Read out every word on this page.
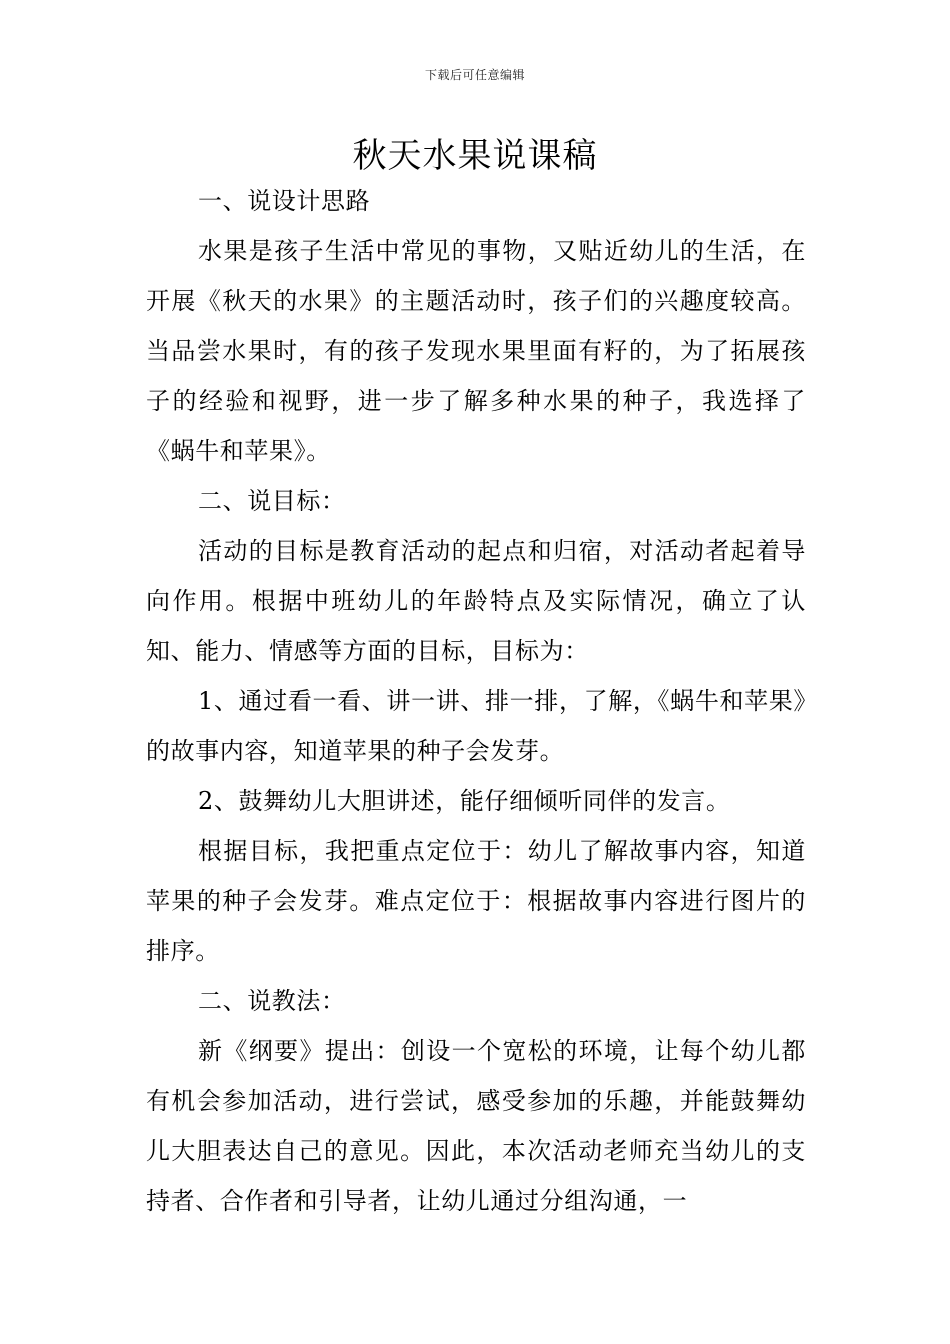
下载后可任意编辑
秋天水果说课稿

一、说设计思路

水果是孩子生活中常见的事物，又贴近幼儿的生活，在开展《秋天的水果》的主题活动时，孩子们的兴趣度较高。当品尝水果时，有的孩子发现水果里面有籽的，为了拓展孩子的经验和视野，进一步了解多种水果的种子，我选择了《蜗牛和苹果》。

二、说目标：

活动的目标是教育活动的起点和归宿，对活动者起着导向作用。根据中班幼儿的年龄特点及实际情况，确立了认知、能力、情感等方面的目标，目标为：

1、通过看一看、讲一讲、排一排，了解，《蜗牛和苹果》的故事内容，知道苹果的种子会发芽。

2、鼓舞幼儿大胆讲述，能仔细倾听同伴的发言。

根据目标，我把重点定位于：幼儿了解故事内容，知道苹果的种子会发芽。难点定位于：根据故事内容进行图片的排序。

二、说教法：

新《纲要》提出：创设一个宽松的环境，让每个幼儿都有机会参加活动，进行尝试，感受参加的乐趣，并能鼓舞幼儿大胆表达自己的意见。因此，本次活动老师充当幼儿的支持者、合作者和引导者，让幼儿通过分组沟通，一
